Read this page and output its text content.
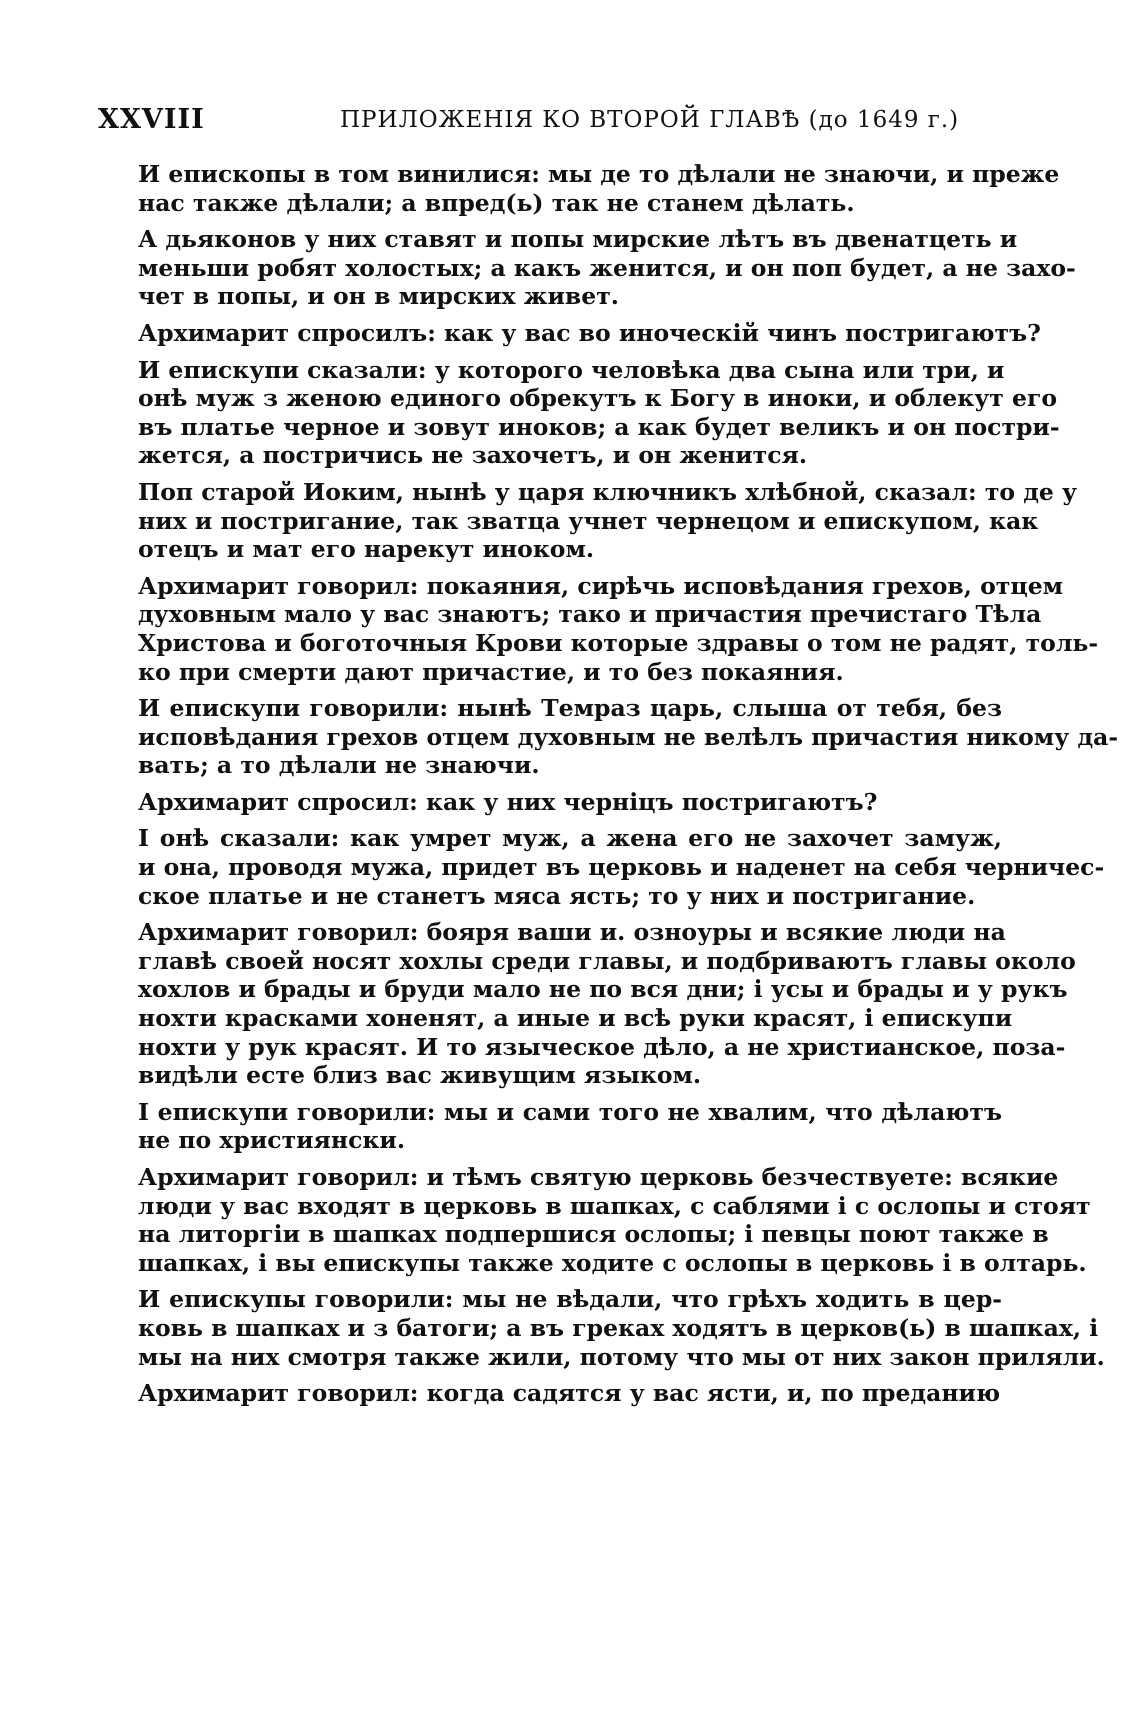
XXVIII	ПРИЛОЖЕНІЯ КО ВТОРОЙ ГЛАВѢ (до 1649 г.)
И епископы в том винилися: мы де то дѣлали не знаючи, и преже
нас также дѣлали; а впред(ь) так не станем дѣлать.
А дьяконов у них ставят и попы мирские лѣтъ въ двенатцеть и
меньши робят холостых; а какъ женится, и он поп будет, а не захо-
чет в попы, и он в мирских живет.
Архимарит спросилъ: как у вас во иноческій чинъ постригаютъ?
И епискупи сказали: у которого человѣка два сына или три, и
онѣ муж з женою единого обрекутъ к Богу в иноки, и облекут его
въ платье черное и зовут иноков; а как будет великъ и он постри-
жется, а постричись не захочетъ, и он женится.
Поп старой Иоким, нынѣ у царя ключникъ хлѣбной, сказал: то де у
них и постригание, так зватца учнет чернецом и епискупом, как
отецъ и мат его нарекут иноком.
Архимарит говорил: покаяния, сирѣчь исповѣдания грехов, отцем
духовным мало у вас знаютъ; тако и причастия пречистаго Тѣла
Христова и боготочныя Крови которые здравы о том не радят, толь-
ко при смерти дают причастие, и то без покаяния.
И епискупи говорили: нынѣ Темраз царь, слыша от тебя, без
исповѣдания грехов отцем духовным не велѣлъ причастия никому да-
вать; а то дѣлали не знаючи.
Архимарит спросил: как у них черніцъ постригаютъ?
І онѣ сказали: как умрет муж, а жена его не захочет замуж,
и она, проводя мужа, придет въ церковь и наденет на себя черничес-
ское платье и не станетъ мяса ясть; то у них и постригание.
Архимарит говорил: бояря ваши и. озноуры и всякие люди на
главѣ своей носят хохлы среди главы, и подбриваютъ главы около
хохлов и брады и бруди мало не по вся дни; і усы и брады и у рукъ
нохти красками хоненят, а иные и всѣ руки красят, і епискупи
нохти у рук красят. И то языческое дѣло, а не христианское, поза-
видѣли есте близ вас живущим языком.
І епискупи говорили: мы и сами того не хвалим, что дѣлаютъ
не по християнски.
Архимарит говорил: и тѣмъ святую церковь безчествуете: всякие
люди у вас входят в церковь в шапках, с саблями і с ослопы и стоят
на литоргіи в шапках подпершися ослопы; і певцы поют также в
шапках, і вы епискупы также ходите с ослопы в церковь і в олтарь.
И епискупы говорили: мы не вѣдали, что грѣхъ ходить в цер-
ковь в шапках и з батоги; а въ греках ходятъ в церков(ь) в шапках, і
мы на них смотря также жили, потому что мы от них закон приляли.
Архимарит говорил: когда садятся у вас ясти, и, по преданию
